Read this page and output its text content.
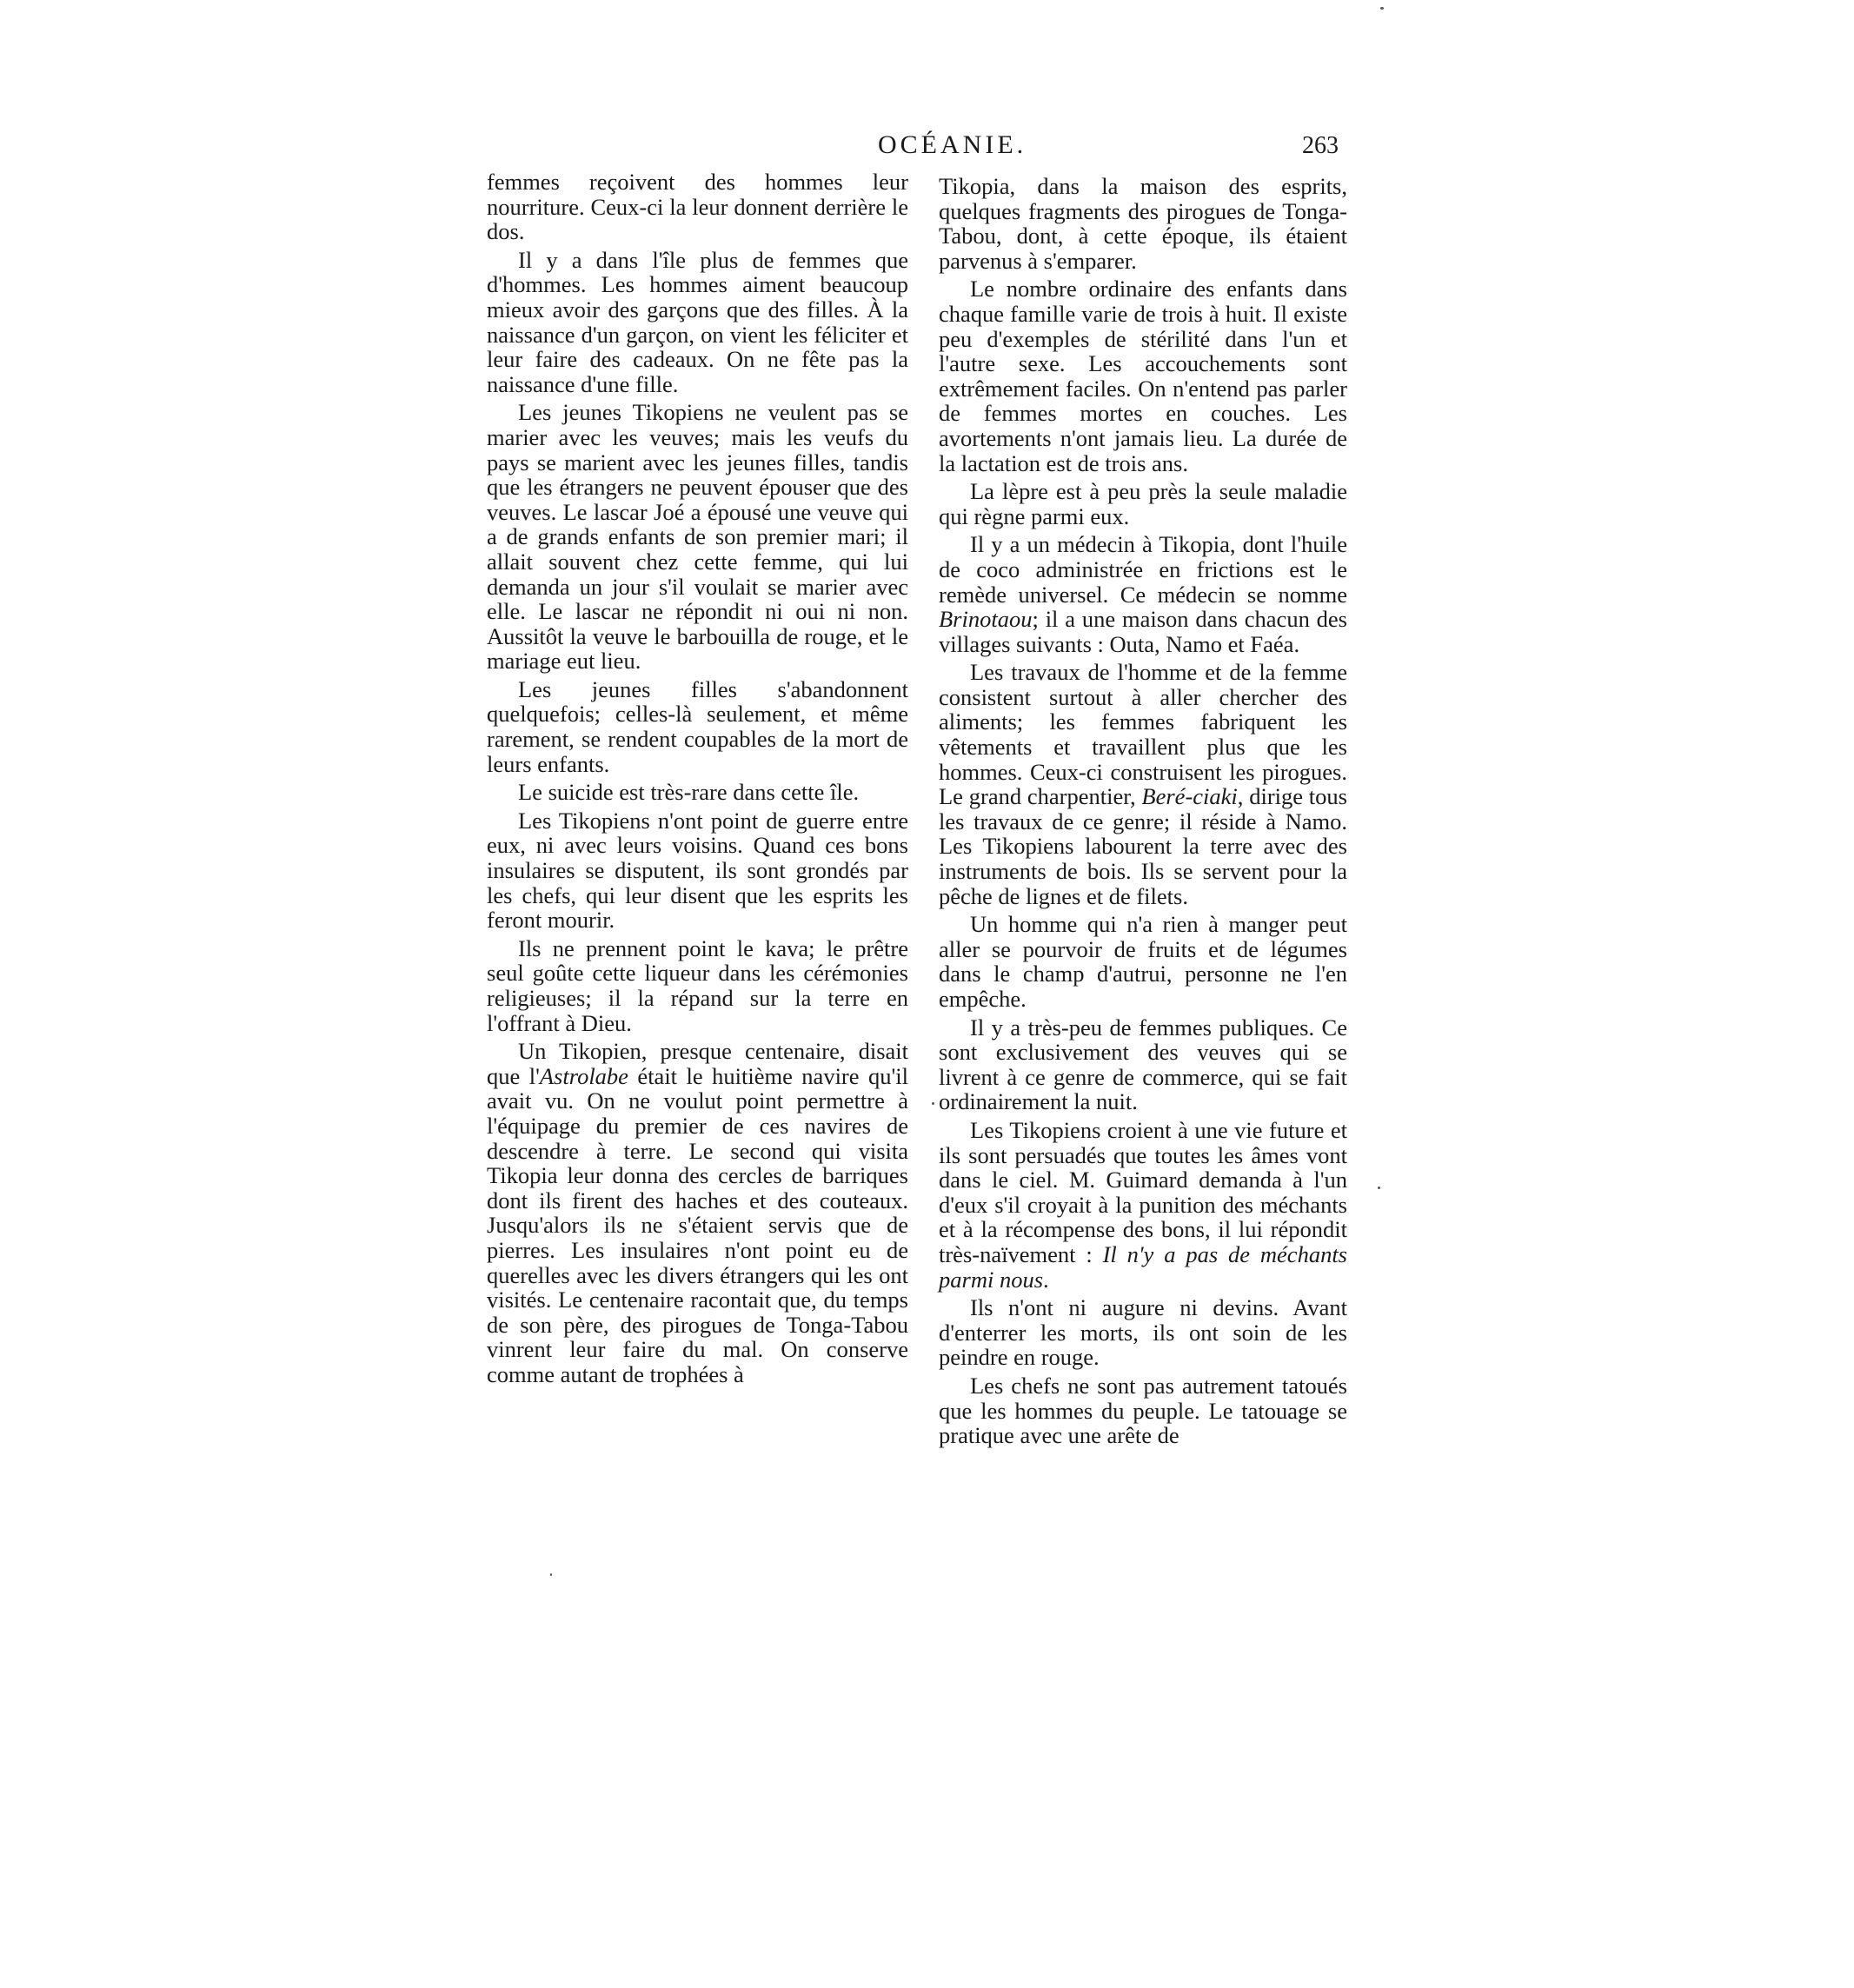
OCÉANIE.	263

femmes reçoivent des hommes leur nourriture. Ceux-ci la leur donnent derrière le dos.

Il y a dans l'île plus de femmes que d'hommes. Les hommes aiment beaucoup mieux avoir des garçons que des filles. À la naissance d'un garçon, on vient les féliciter et leur faire des cadeaux. On ne fête pas la naissance d'une fille.

Les jeunes Tikopiens ne veulent pas se marier avec les veuves; mais les veufs du pays se marient avec les jeunes filles, tandis que les étrangers ne peuvent épouser que des veuves. Le lascar Joé a épousé une veuve qui a de grands enfants de son premier mari; il allait souvent chez cette femme, qui lui demanda un jour s'il voulait se marier avec elle. Le lascar ne répondit ni oui ni non. Aussitôt la veuve le barbouilla de rouge, et le mariage eut lieu.

Les jeunes filles s'abandonnent quelquefois; celles-là seulement, et même rarement, se rendent coupables de la mort de leurs enfants.

Le suicide est très-rare dans cette île.

Les Tikopiens n'ont point de guerre entre eux, ni avec leurs voisins. Quand ces bons insulaires se disputent, ils sont grondés par les chefs, qui leur disent que les esprits les feront mourir.

Ils ne prennent point le kava; le prêtre seul goûte cette liqueur dans les cérémonies religieuses; il la répand sur la terre en l'offrant à Dieu.

Un Tikopien, presque centenaire, disait que l'Astrolabe était le huitième navire qu'il avait vu. On ne voulut point permettre à l'équipage du premier de ces navires de descendre à terre. Le second qui visita Tikopia leur donna des cercles de barriques dont ils firent des haches et des couteaux. Jusqu'alors ils ne s'étaient servis que de pierres. Les insulaires n'ont point eu de querelles avec les divers étrangers qui les ont visités. Le centenaire racontait que, du temps de son père, des pirogues de Tonga-Tabou vinrent leur faire du mal. On conserve comme autant de trophées à

Tikopia, dans la maison des esprits, quelques fragments des pirogues de Tonga-Tabou, dont, à cette époque, ils étaient parvenus à s'emparer.

Le nombre ordinaire des enfants dans chaque famille varie de trois à huit. Il existe peu d'exemples de stérilité dans l'un et l'autre sexe. Les accouchements sont extrêmement faciles. On n'entend pas parler de femmes mortes en couches. Les avortements n'ont jamais lieu. La durée de la lactation est de trois ans.

La lèpre est à peu près la seule maladie qui règne parmi eux.

Il y a un médecin à Tikopia, dont l'huile de coco administrée en frictions est le remède universel. Ce médecin se nomme Brinotaou; il a une maison dans chacun des villages suivants : Outa, Namo et Faéa.

Les travaux de l'homme et de la femme consistent surtout à aller chercher des aliments; les femmes fabriquent les vêtements et travaillent plus que les hommes. Ceux-ci construisent les pirogues. Le grand charpentier, Beré-ciaki, dirige tous les travaux de ce genre; il réside à Namo. Les Tikopiens labourent la terre avec des instruments de bois. Ils se servent pour la pêche de lignes et de filets.

Un homme qui n'a rien à manger peut aller se pourvoir de fruits et de légumes dans le champ d'autrui, personne ne l'en empêche.

Il y a très-peu de femmes publiques. Ce sont exclusivement des veuves qui se livrent à ce genre de commerce, qui se fait ordinairement la nuit.

Les Tikopiens croient à une vie future et ils sont persuadés que toutes les âmes vont dans le ciel. M. Guimard demanda à l'un d'eux s'il croyait à la punition des méchants et à la récompense des bons, il lui répondit très-naïvement : Il n'y a pas de méchants parmi nous.

Ils n'ont ni augure ni devins. Avant d'enterrer les morts, ils ont soin de les peindre en rouge.

Les chefs ne sont pas autrement tatoués que les hommes du peuple. Le tatouage se pratique avec une arête de
